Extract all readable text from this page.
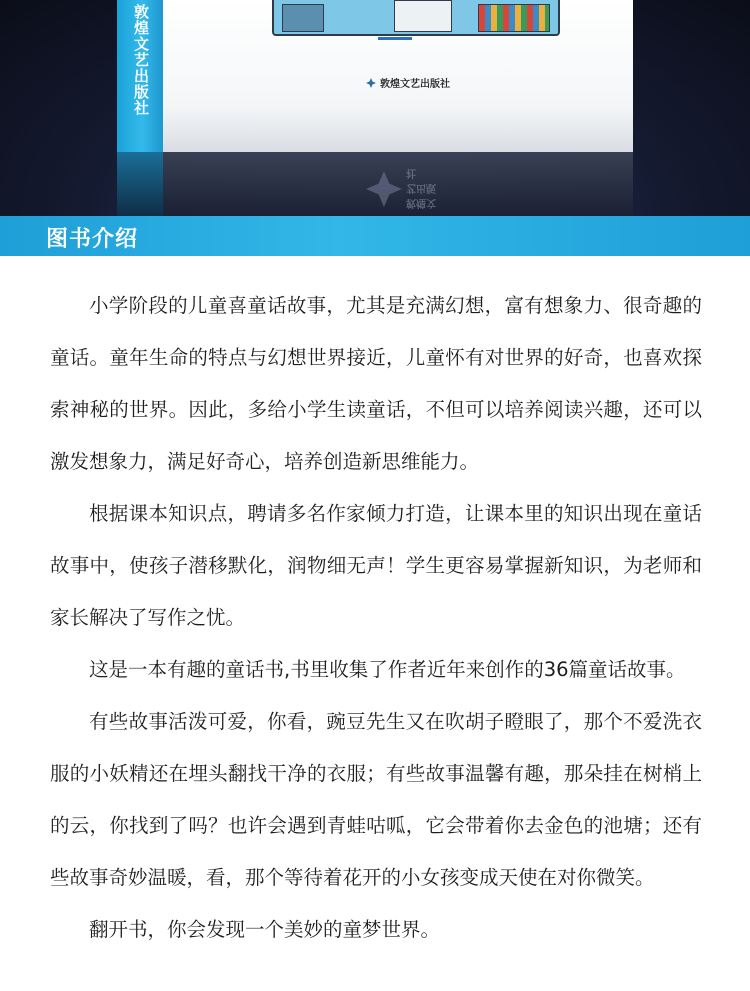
敦煌文艺出版社	敦煌文艺出版社
敦煌文艺出版社
图书介绍

小学阶段的儿童喜童话故事，尤其是充满幻想，富有想象力、很奇趣的童话。童年生命的特点与幻想世界接近，儿童怀有对世界的好奇，也喜欢探索神秘的世界。因此，多给小学生读童话，不但可以培养阅读兴趣，还可以激发想象力，满足好奇心，培养创造新思维能力。

根据课本知识点，聘请多名作家倾力打造，让课本里的知识出现在童话故事中，使孩子潜移默化，润物细无声！学生更容易掌握新知识，为老师和家长解决了写作之忧。

这是一本有趣的童话书,书里收集了作者近年来创作的36篇童话故事。

有些故事活泼可爱，你看，豌豆先生又在吹胡子瞪眼了，那个不爱洗衣服的小妖精还在埋头翻找干净的衣服；有些故事温馨有趣，那朵挂在树梢上的云，你找到了吗？也许会遇到青蛙咕呱，它会带着你去金色的池塘；还有些故事奇妙温暖，看，那个等待着花开的小女孩变成天使在对你微笑。

翻开书，你会发现一个美妙的童梦世界。
